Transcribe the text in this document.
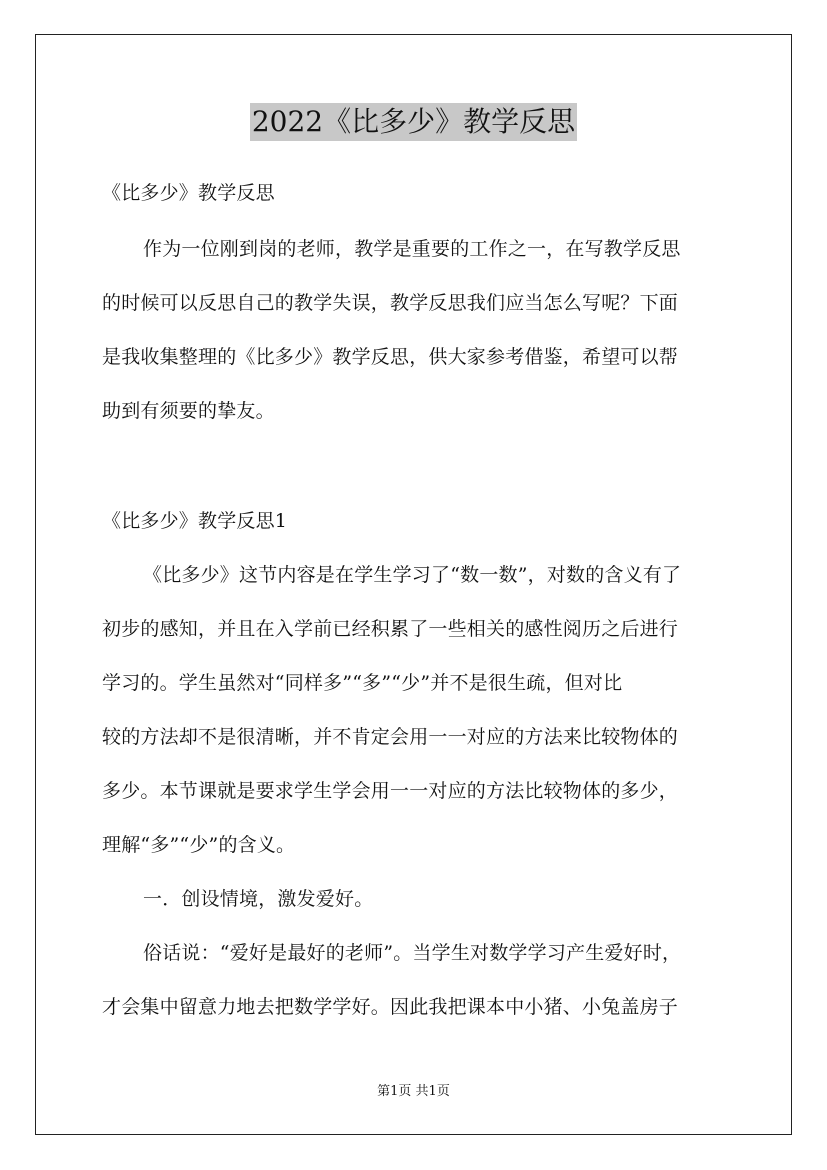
2022《比多少》教学反思
《比多少》教学反思
作为一位刚到岗的老师，教学是重要的工作之一，在写教学反思
的时候可以反思自己的教学失误，教学反思我们应当怎么写呢？下面
是我收集整理的《比多少》教学反思，供大家参考借鉴，希望可以帮
助到有须要的挚友。
《比多少》教学反思1
《比多少》这节内容是在学生学习了“数一数”，对数的含义有了
初步的感知，并且在入学前已经积累了一些相关的感性阅历之后进行
学习的。学生虽然对“同样多”“多”“少”并不是很生疏，但对比
较的方法却不是很清晰，并不肯定会用一一对应的方法来比较物体的
多少。本节课就是要求学生学会用一一对应的方法比较物体的多少，
理解“多”“少”的含义。
一．创设情境，激发爱好。
俗话说：“爱好是最好的老师”。当学生对数学学习产生爱好时，
才会集中留意力地去把数学学好。因此我把课本中小猪、小兔盖房子
第1页 共1页
